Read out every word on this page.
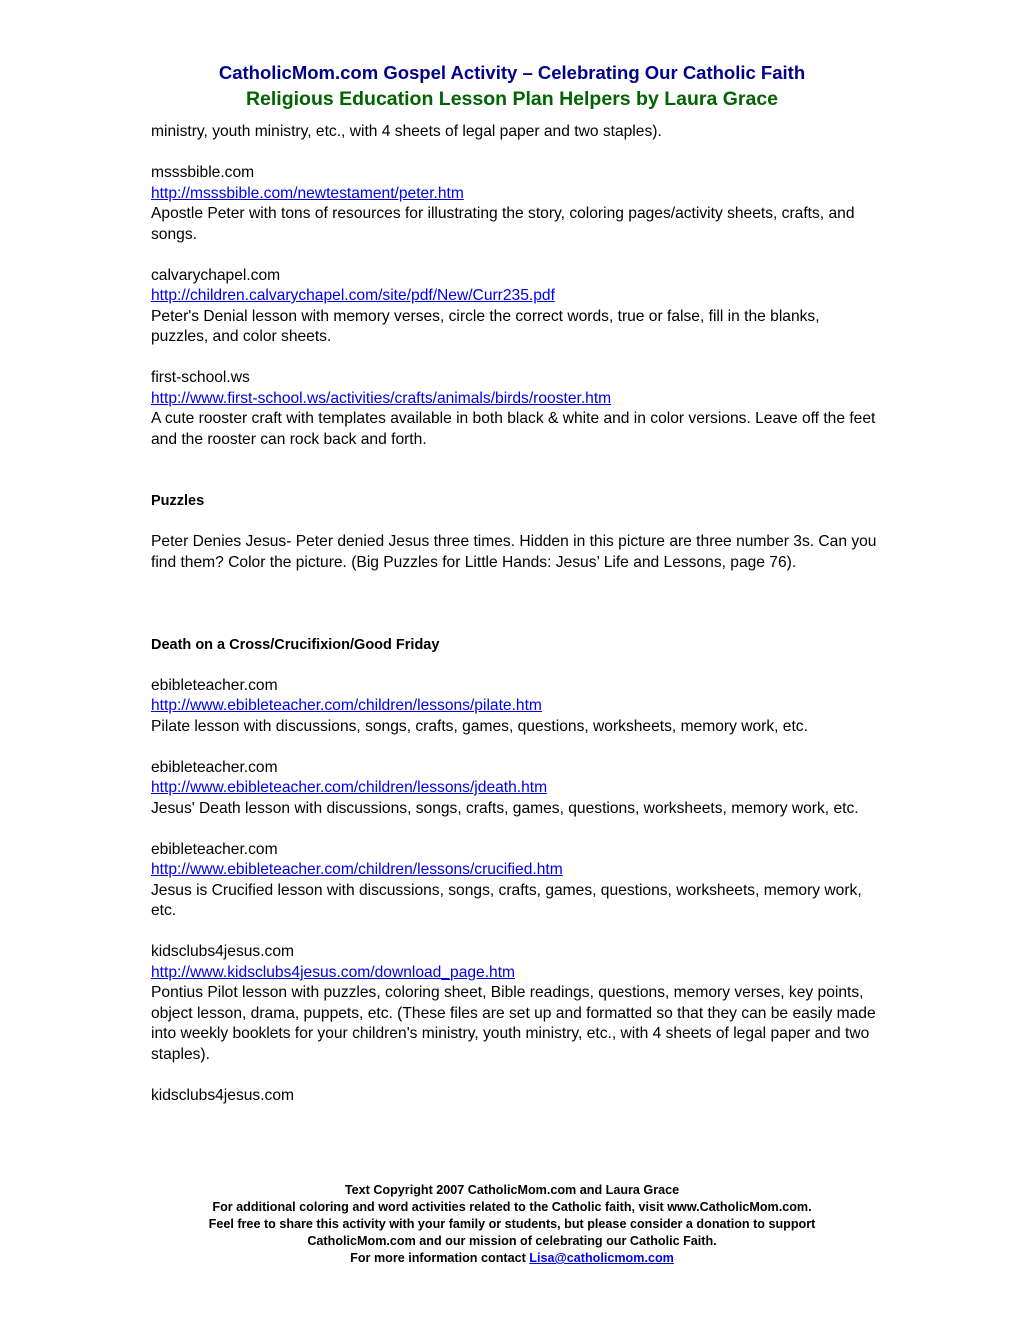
CatholicMom.com Gospel Activity – Celebrating Our Catholic Faith
Religious Education Lesson Plan Helpers by Laura Grace

ministry, youth ministry, etc., with 4 sheets of legal paper and two staples).

msssbible.com

http://msssbible.com/newtestament/peter.htm

Apostle Peter with tons of resources for illustrating the story, coloring pages/activity sheets, crafts, and songs.

calvarychapel.com

http://children.calvarychapel.com/site/pdf/New/Curr235.pdf

Peter's Denial lesson with memory verses, circle the correct words, true or false, fill in the blanks, puzzles, and color sheets.

first-school.ws

http://www.first-school.ws/activities/crafts/animals/birds/rooster.htm

A cute rooster craft with templates available in both black & white and in color versions. Leave off the feet and the rooster can rock back and forth.

Puzzles

Peter Denies Jesus- Peter denied Jesus three times. Hidden in this picture are three number 3s. Can you find them? Color the picture. (Big Puzzles for Little Hands: Jesus’ Life and Lessons, page 76).

Death on a Cross/Crucifixion/Good Friday

ebibleteacher.com

http://www.ebibleteacher.com/children/lessons/pilate.htm

Pilate lesson with discussions, songs, crafts, games, questions, worksheets, memory work, etc.

ebibleteacher.com

http://www.ebibleteacher.com/children/lessons/jdeath.htm

Jesus' Death lesson with discussions, songs, crafts, games, questions, worksheets, memory work, etc.

ebibleteacher.com

http://www.ebibleteacher.com/children/lessons/crucified.htm

Jesus is Crucified lesson with discussions, songs, crafts, games, questions, worksheets, memory work, etc.

kidsclubs4jesus.com

http://www.kidsclubs4jesus.com/download_page.htm

Pontius Pilot lesson with puzzles, coloring sheet, Bible readings, questions, memory verses, key points, object lesson, drama, puppets, etc. (These files are set up and formatted so that they can be easily made into weekly booklets for your children's ministry, youth ministry, etc., with 4 sheets of legal paper and two staples).

kidsclubs4jesus.com

Text Copyright 2007 CatholicMom.com and Laura Grace
For additional coloring and word activities related to the Catholic faith, visit www.CatholicMom.com.
Feel free to share this activity with your family or students, but please consider a donation to support
CatholicMom.com and our mission of celebrating our Catholic Faith.
For more information contact Lisa@catholicmom.com
